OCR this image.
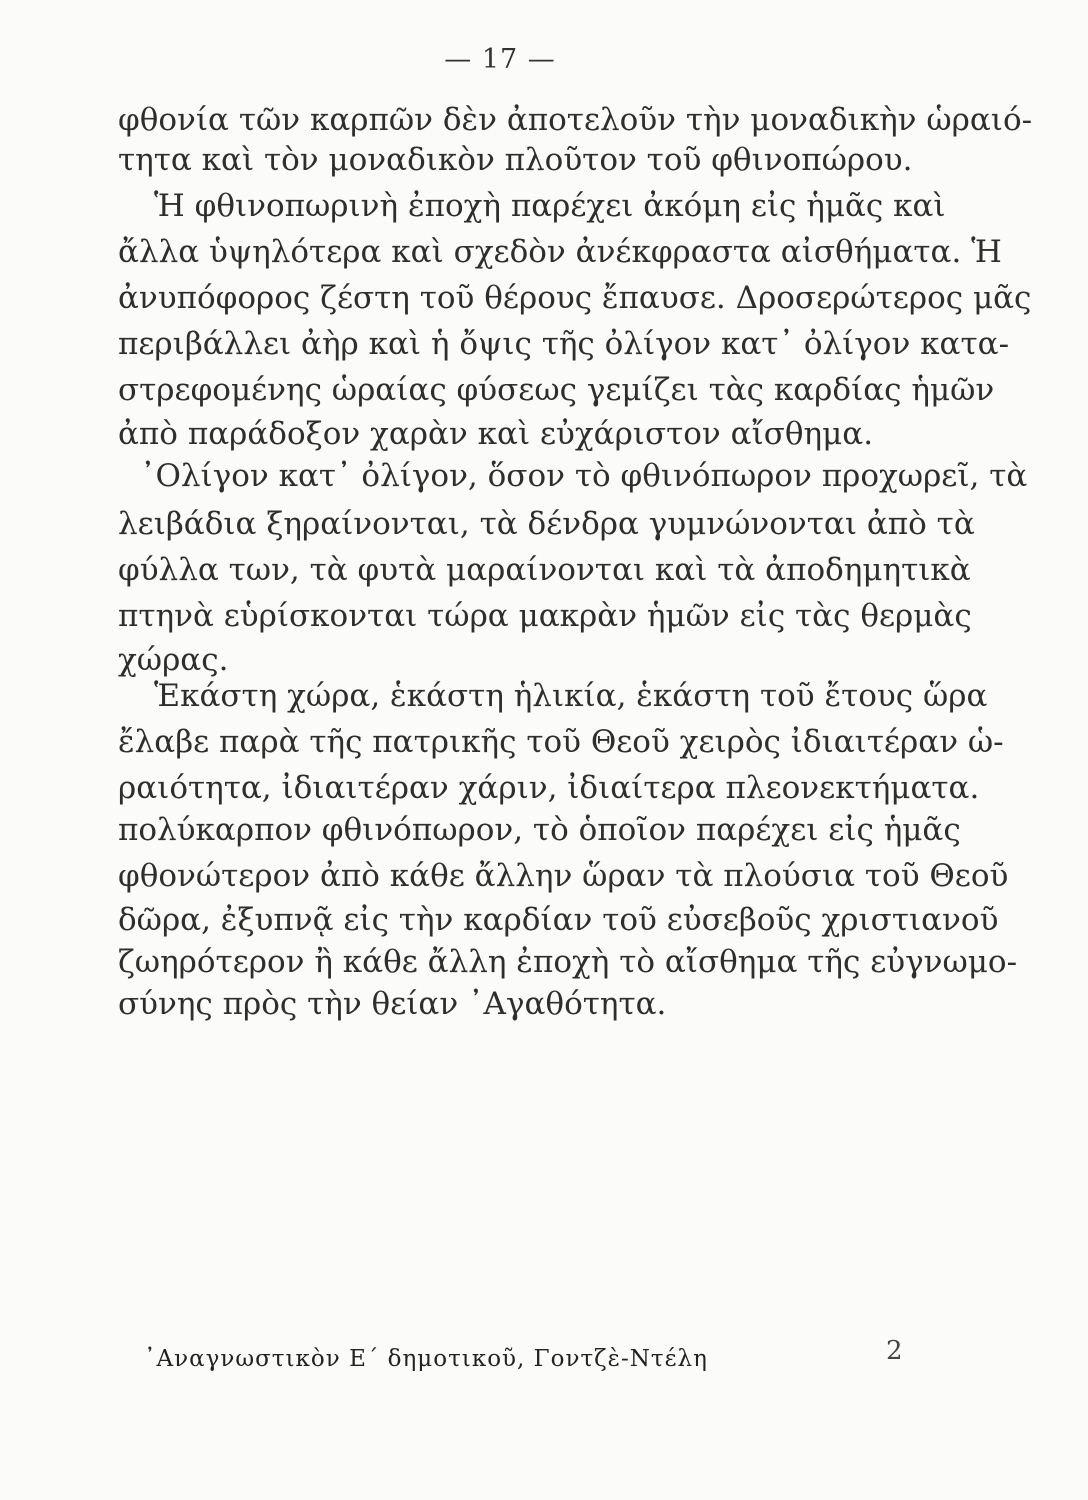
— 17 —
φθονία τῶν καρπῶν δὲν ἀποτελοῦν τὴν μοναδικὴν ὡραιό-
τητα καὶ τὸν μοναδικὸν πλοῦτον τοῦ φθινοπώρου.
Ἡ φθινοπωρινὴ ἐποχὴ παρέχει ἀκόμη εἰς ἡμᾶς καὶ
ἄλλα ὑψηλότερα καὶ σχεδὸν ἀνέκφραστα αἰσθήματα. Ἡ
ἀνυπόφορος ζέστη τοῦ θέρους ἔπαυσε. Δροσερώτερος μᾶς
περιβάλλει ἀὴρ καὶ ἡ ὄψις τῆς ὀλίγον κατ᾽ ὀλίγον κατα-
στρεφομένης ὡραίας φύσεως γεμίζει τὰς καρδίας ἡμῶν
ἀπὸ παράδοξον χαρὰν καὶ εὐχάριστον αἴσθημα.
᾽Ολίγον κατ᾽ ὀλίγον, ὅσον τὸ φθινόπωρον προχωρεῖ, τὰ
λειβάδια ξηραίνονται, τὰ δένδρα γυμνώνονται ἀπὸ τὰ
φύλλα των, τὰ φυτὰ μαραίνονται καὶ τὰ ἀποδημητικὰ
πτηνὰ εὑρίσκονται τώρα μακρὰν ἡμῶν εἰς τὰς θερμὰς
χώρας.
Ἑκάστη χώρα, ἑκάστη ἡλικία, ἑκάστη τοῦ ἔτους ὥρα
ἔλαβε παρὰ τῆς πατρικῆς τοῦ Θεοῦ χειρὸς ἰδιαιτέραν ὡ-
ραιότητα, ἰδιαιτέραν χάριν, ἰδιαίτερα πλεονεκτήματα.
πολύκαρπον φθινόπωρον, τὸ ὁποῖον παρέχει εἰς ἡμᾶς
φθονώτερον ἀπὸ κάθε ἄλλην ὥραν τὰ πλούσια τοῦ Θεοῦ
δῶρα, ἐξυπνᾷ εἰς τὴν καρδίαν τοῦ εὐσεβοῦς χριστιανοῦ
ζωηρότερον ἢ κάθε ἄλλη ἐποχὴ τὸ αἴσθημα τῆς εὐγνωμο-
σύνης πρὸς τὴν θείαν ᾽Αγαθότητα.
᾽Αναγνωστικὸν Ε΄ δημοτικοῦ, Γοντζὲ-Ντέλη	2
